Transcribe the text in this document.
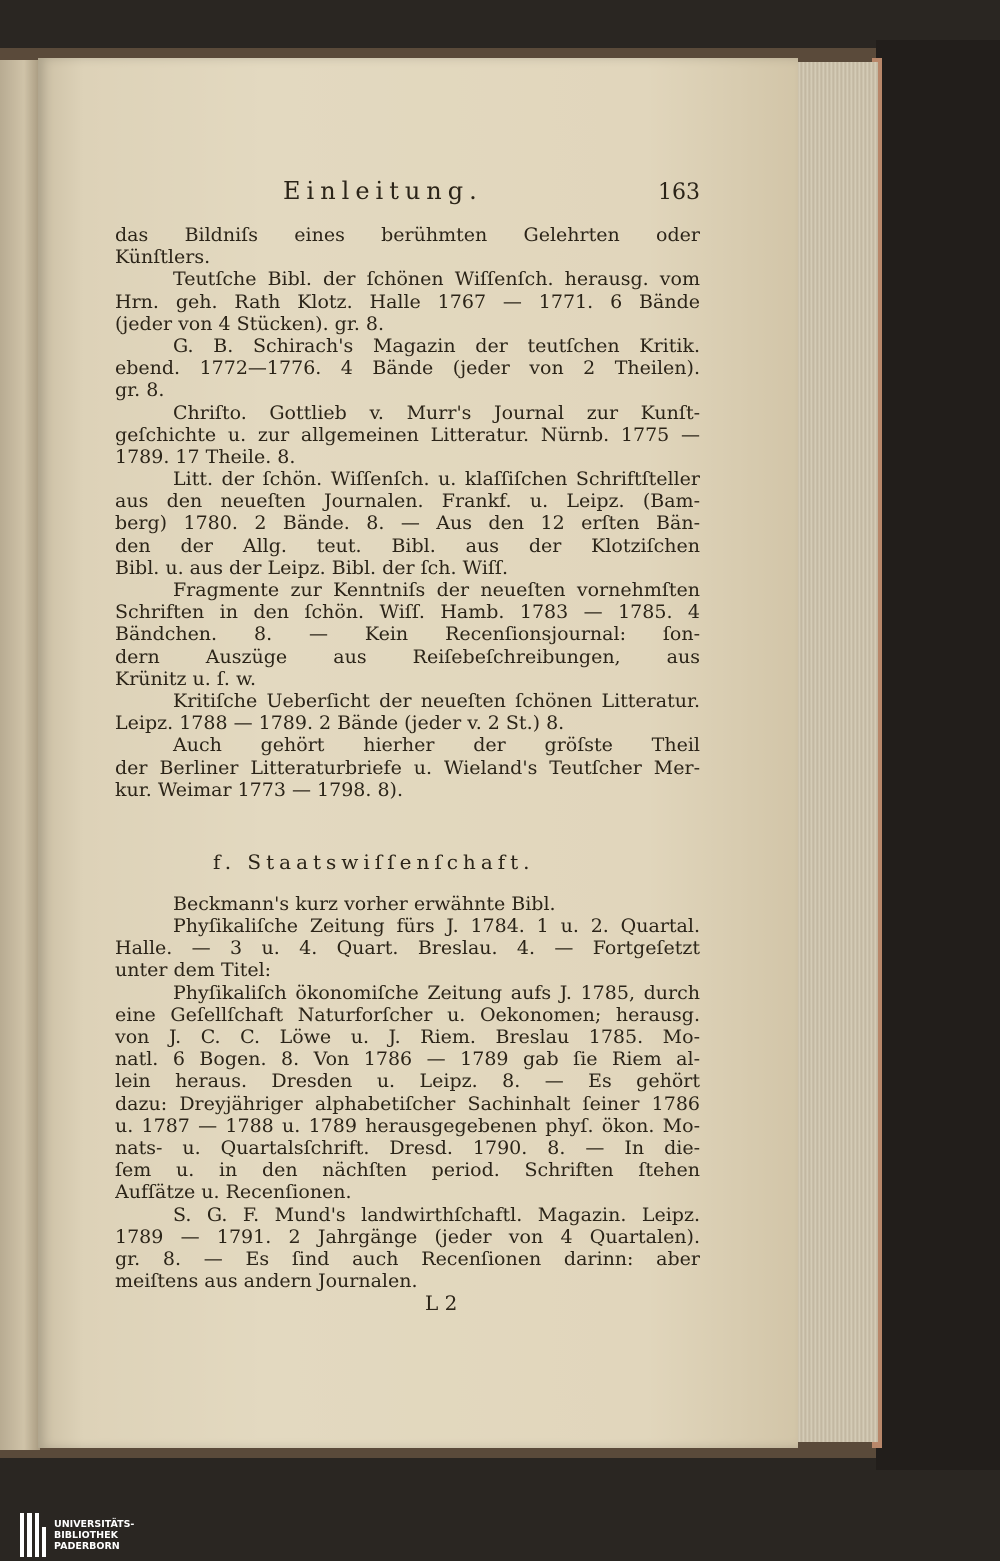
Einleitung.	163
das Bildniſs eines berühmten Gelehrten oder
Künſtlers.
Teutſche Bibl. der ſchönen Wiſſenſch. herausg. vom
Hrn. geh. Rath Klotz. Halle 1767 — 1771. 6 Bände
(jeder von 4 Stücken). gr. 8.
G. B. Schirach's Magazin der teutſchen Kritik.
ebend. 1772—1776. 4 Bände (jeder von 2 Theilen).
gr. 8.
Chriſto. Gottlieb v. Murr's Journal zur Kunſt-
geſchichte u. zur allgemeinen Litteratur. Nürnb. 1775 —
1789. 17 Theile. 8.
Litt. der ſchön. Wiſſenſch. u. klaſſiſchen Schriftſteller
aus den neueſten Journalen. Frankf. u. Leipz. (Bam-
berg) 1780. 2 Bände. 8. — Aus den 12 erſten Bän-
den der Allg. teut. Bibl. aus der Klotziſchen
Bibl. u. aus der Leipz. Bibl. der ſch. Wiſſ.
Fragmente zur Kenntniſs der neueſten vornehmſten
Schriften in den ſchön. Wiſſ. Hamb. 1783 — 1785. 4
Bändchen. 8. — Kein Recenſionsjournal: ſon-
dern Auszüge aus Reiſebeſchreibungen, aus
Krünitz u. ſ. w.
Kritiſche Ueberſicht der neueſten ſchönen Litteratur.
Leipz. 1788 — 1789. 2 Bände (jeder v. 2 St.) 8.
Auch gehört hierher der gröſste Theil
der Berliner Litteraturbriefe u. Wieland's Teutſcher Mer-
kur. Weimar 1773 — 1798. 8).
f. Staatswiſſenſchaft.
Beckmann's kurz vorher erwähnte Bibl.
Phyſikaliſche Zeitung fürs J. 1784. 1 u. 2. Quartal.
Halle. — 3 u. 4. Quart. Breslau. 4. — Fortgeſetzt
unter dem Titel:
Phyſikaliſch ökonomiſche Zeitung aufs J. 1785, durch
eine Geſellſchaft Naturforſcher u. Oekonomen; herausg.
von J. C. C. Löwe u. J. Riem. Breslau 1785. Mo-
natl. 6 Bogen. 8. Von 1786 — 1789 gab ſie Riem al-
lein heraus. Dresden u. Leipz. 8. — Es gehört
dazu: Dreyjähriger alphabetiſcher Sachinhalt ſeiner 1786
u. 1787 — 1788 u. 1789 herausgegebenen phyſ. ökon. Mo-
nats- u. Quartalsſchrift. Dresd. 1790. 8. — In die-
ſem u. in den nächſten period. Schriften ſtehen
Aufſätze u. Recenſionen.
S. G. F. Mund's landwirthſchaftl. Magazin. Leipz.
1789 — 1791. 2 Jahrgänge (jeder von 4 Quartalen).
gr. 8. — Es ſind auch Recenſionen darinn: aber
meiſtens aus andern Journalen.
L 2
UNIVERSITÄTS-
BIBLIOTHEK
PADERBORN
